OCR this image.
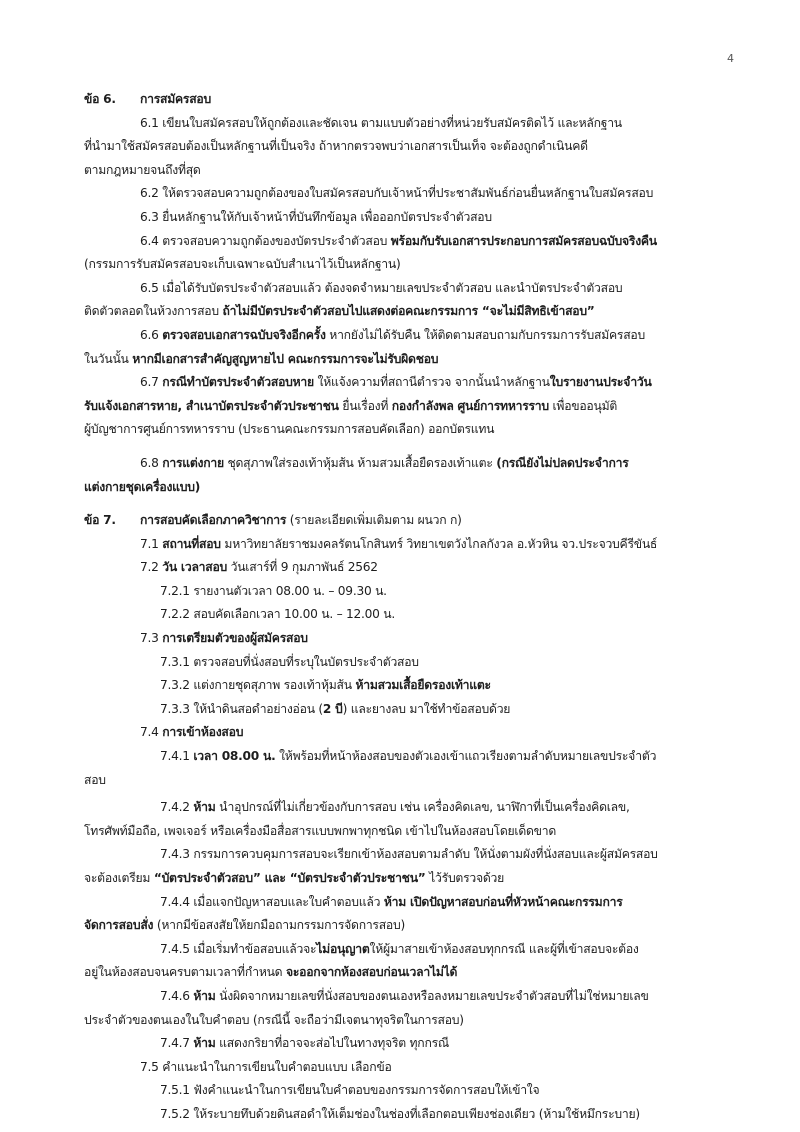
4
ข้อ 6. การสมัครสอบ
6.1 เขียนใบสมัครสอบให้ถูกต้องและชัดเจน ตามแบบตัวอย่างที่หน่วยรับสมัครติดไว้ และหลักฐาน
ที่นำมาใช้สมัครสอบต้องเป็นหลักฐานที่เป็นจริง ถ้าหากตรวจพบว่าเอกสารเป็นเท็จ จะต้องถูกดำเนินคดี
ตามกฎหมายจนถึงที่สุด
6.2 ให้ตรวจสอบความถูกต้องของใบสมัครสอบกับเจ้าหน้าที่ประชาสัมพันธ์ก่อนยื่นหลักฐานใบสมัครสอบ
6.3 ยื่นหลักฐานให้กับเจ้าหน้าที่บันทึกข้อมูล เพื่อออกบัตรประจำตัวสอบ
6.4 ตรวจสอบความถูกต้องของบัตรประจำตัวสอบ พร้อมกับรับเอกสารประกอบการสมัครสอบฉบับจริงคืน
(กรรมการรับสมัครสอบจะเก็บเฉพาะฉบับสำเนาไว้เป็นหลักฐาน)
6.5 เมื่อได้รับบัตรประจำตัวสอบแล้ว ต้องจดจำหมายเลขประจำตัวสอบ และนำบัตรประจำตัวสอบ
ติดตัวตลอดในห้วงการสอบ ถ้าไม่มีบัตรประจำตัวสอบไปแสดงต่อคณะกรรมการ “จะไม่มีสิทธิเข้าสอบ”
6.6 ตรวจสอบเอกสารฉบับจริงอีกครั้ง หากยังไม่ได้รับคืน ให้ติดตามสอบถามกับกรรมการรับสมัครสอบ
ในวันนั้น หากมีเอกสารสำคัญสูญหายไป คณะกรรมการจะไม่รับผิดชอบ
6.7 กรณีทำบัตรประจำตัวสอบหาย ให้แจ้งความที่สถานีตำรวจ จากนั้นนำหลักฐานใบรายงานประจำวัน
รับแจ้งเอกสารหาย, สำเนาบัตรประจำตัวประชาชน ยื่นเรื่องที่ กองกำลังพล ศูนย์การทหารราบ เพื่อขออนุมัติ
ผู้บัญชาการศูนย์การทหารราบ (ประธานคณะกรรมการสอบคัดเลือก) ออกบัตรแทน
6.8 การแต่งกาย ชุดสุภาพใส่รองเท้าหุ้มส้น ห้ามสวมเสื้อยืดรองเท้าแตะ (กรณียังไม่ปลดประจำการ
แต่งกายชุดเครื่องแบบ)
ข้อ 7. การสอบคัดเลือกภาควิชาการ (รายละเอียดเพิ่มเติมตาม ผนวก ก)
7.1 สถานที่สอบ มหาวิทยาลัยราชมงคลรัตนโกสินทร์ วิทยาเขตวังไกลกังวล อ.หัวหิน จว.ประจวบคีรีขันธ์
7.2 วัน เวลาสอบ วันเสาร์ที่ 9 กุมภาพันธ์ 2562
7.2.1 รายงานตัวเวลา 08.00 น. – 09.30 น.
7.2.2 สอบคัดเลือกเวลา 10.00 น. – 12.00 น.
7.3 การเตรียมตัวของผู้สมัครสอบ
7.3.1 ตรวจสอบที่นั่งสอบที่ระบุในบัตรประจำตัวสอบ
7.3.2 แต่งกายชุดสุภาพ รองเท้าหุ้มส้น ห้ามสวมเสื้อยืดรองเท้าแตะ
7.3.3 ให้นำดินสอดำอย่างอ่อน (2 บี) และยางลบ มาใช้ทำข้อสอบด้วย
7.4 การเข้าห้องสอบ
7.4.1 เวลา 08.00 น. ให้พร้อมที่หน้าห้องสอบของตัวเองเข้าแถวเรียงตามลำดับหมายเลขประจำตัว
สอบ
7.4.2 ห้าม นำอุปกรณ์ที่ไม่เกี่ยวข้องกับการสอบ เช่น เครื่องคิดเลข, นาฬิกาที่เป็นเครื่องคิดเลข,
โทรศัพท์มือถือ, เพจเจอร์ หรือเครื่องมือสื่อสารแบบพกพาทุกชนิด เข้าไปในห้องสอบโดยเด็ดขาด
7.4.3 กรรมการควบคุมการสอบจะเรียกเข้าห้องสอบตามลำดับ ให้นั่งตามผังที่นั่งสอบและผู้สมัครสอบ
จะต้องเตรียม “บัตรประจำตัวสอบ” และ “บัตรประจำตัวประชาชน” ไว้รับตรวจด้วย
7.4.4 เมื่อแจกปัญหาสอบและใบคำตอบแล้ว ห้าม เปิดปัญหาสอบก่อนที่หัวหน้าคณะกรรมการ
จัดการสอบสั่ง (หากมีข้อสงสัยให้ยกมือถามกรรมการจัดการสอบ)
7.4.5 เมื่อเริ่มทำข้อสอบแล้วจะไม่อนุญาตให้ผู้มาสายเข้าห้องสอบทุกกรณี และผู้ที่เข้าสอบจะต้อง
อยู่ในห้องสอบจนครบตามเวลาที่กำหนด จะออกจากห้องสอบก่อนเวลาไม่ได้
7.4.6 ห้าม นั่งผิดจากหมายเลขที่นั่งสอบของตนเองหรือลงหมายเลขประจำตัวสอบที่ไม่ใช่หมายเลข
ประจำตัวของตนเองในใบคำตอบ (กรณีนี้ จะถือว่ามีเจตนาทุจริตในการสอบ)
7.4.7 ห้าม แสดงกริยาที่อาจจะส่อไปในทางทุจริต ทุกกรณี
7.5 คำแนะนำในการเขียนใบคำตอบแบบ เลือกข้อ
7.5.1 ฟังคำแนะนำในการเขียนใบคำตอบของกรรมการจัดการสอบให้เข้าใจ
7.5.2 ให้ระบายทึบด้วยดินสอดำให้เต็มช่องในช่องที่เลือกตอบเพียงช่องเดียว (ห้ามใช้หมึกระบาย)
